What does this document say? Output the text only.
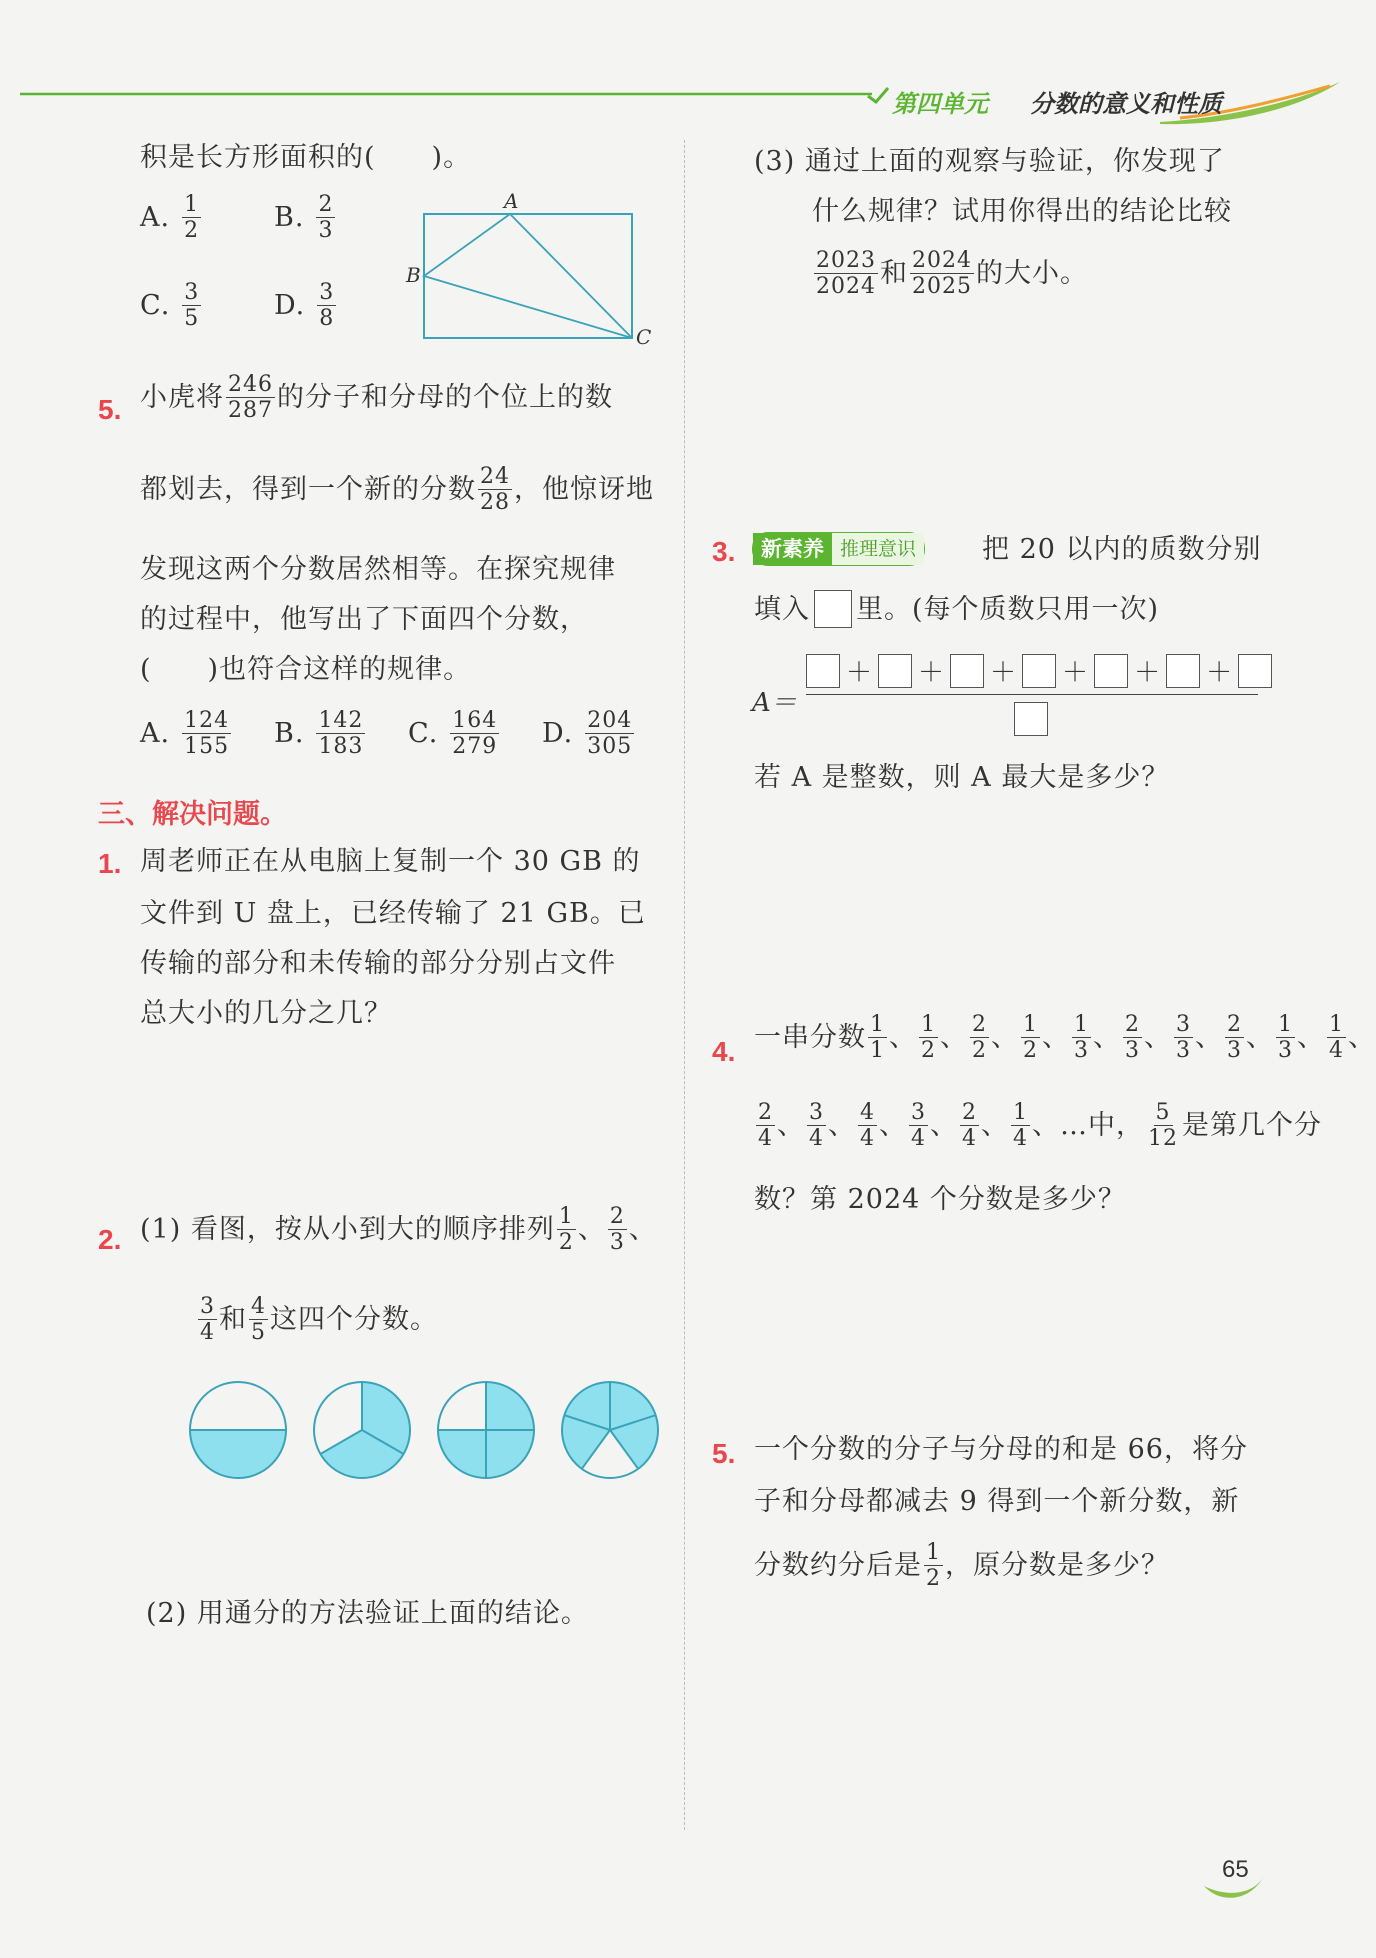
第四单元 分数的意义和性质
积是长方形面积的(　　)。
A. $\frac{1}{2}$	B. $\frac{2}{3}$
C. $\frac{3}{5}$	D. $\frac{3}{8}$
A
B
C
5. 小虎将 $\frac{246}{287}$ 的分子和分母的个位上的数
都划去，得到一个新的分数 $\frac{24}{28}$ ，他惊讶地
发现这两个分数居然相等。在探究规律
的过程中，他写出了下面四个分数，
(　　)也符合这样的规律。
A. $\frac{124}{155} B$. $\frac{142}{183} C$. $\frac{164}{279} D$. $\frac{204}{305}$
三、解决问题。
1. 周老师正在从电脑上复制一个 30 GB 的
文件到 U 盘上，已经传输了 21 GB。已
传输的部分和未传输的部分分别占文件
总大小的几分之几？
2. (1) 看图，按从小到大的顺序排列 $\frac{1}{2}$ 、 $\frac{2}{3}$ 、
$\frac{3}{4}$ 和 $\frac{4}{5}$ 这四个分数。
(2) 用通分的方法验证上面的结论。
(3) 通过上面的观察与验证，你发现了
什么规律？试用你得出的结论比较
$\frac{2023}{2024}$ 和 $\frac{2024}{2025}$ 的大小。
3.	新素养 推理意识 把 20 以内的质数分别
填入 里。(每个质数只用一次)
A＝
＋ ＋ ＋ ＋ ＋ ＋
若 A 是整数，则 A 最大是多少？
4. 一串分数 $\frac{1}{1}$ 、 $\frac{1}{2}$ 、 $\frac{2}{2}$ 、 $\frac{1}{2}$ 、 $\frac{1}{3}$ 、 $\frac{2}{3}$ 、 $\frac{3}{3}$ 、 $\frac{2}{3}$ 、 $\frac{1}{3}$ 、 $\frac{1}{4}$ 、
$\frac{2}{4}$ 、 $\frac{3}{4}$ 、 $\frac{4}{4}$ 、 $\frac{3}{4}$ 、 $\frac{2}{4}$ 、 $\frac{1}{4}$ 、 …中， $\frac{5}{12}$ 是第几个分
数？第 2024 个分数是多少？
5. 一个分数的分子与分母的和是 66，将分
子和分母都减去 9 得到一个新分数，新
分数约分后是 $\frac{1}{2}$ ，原分数是多少？
65
